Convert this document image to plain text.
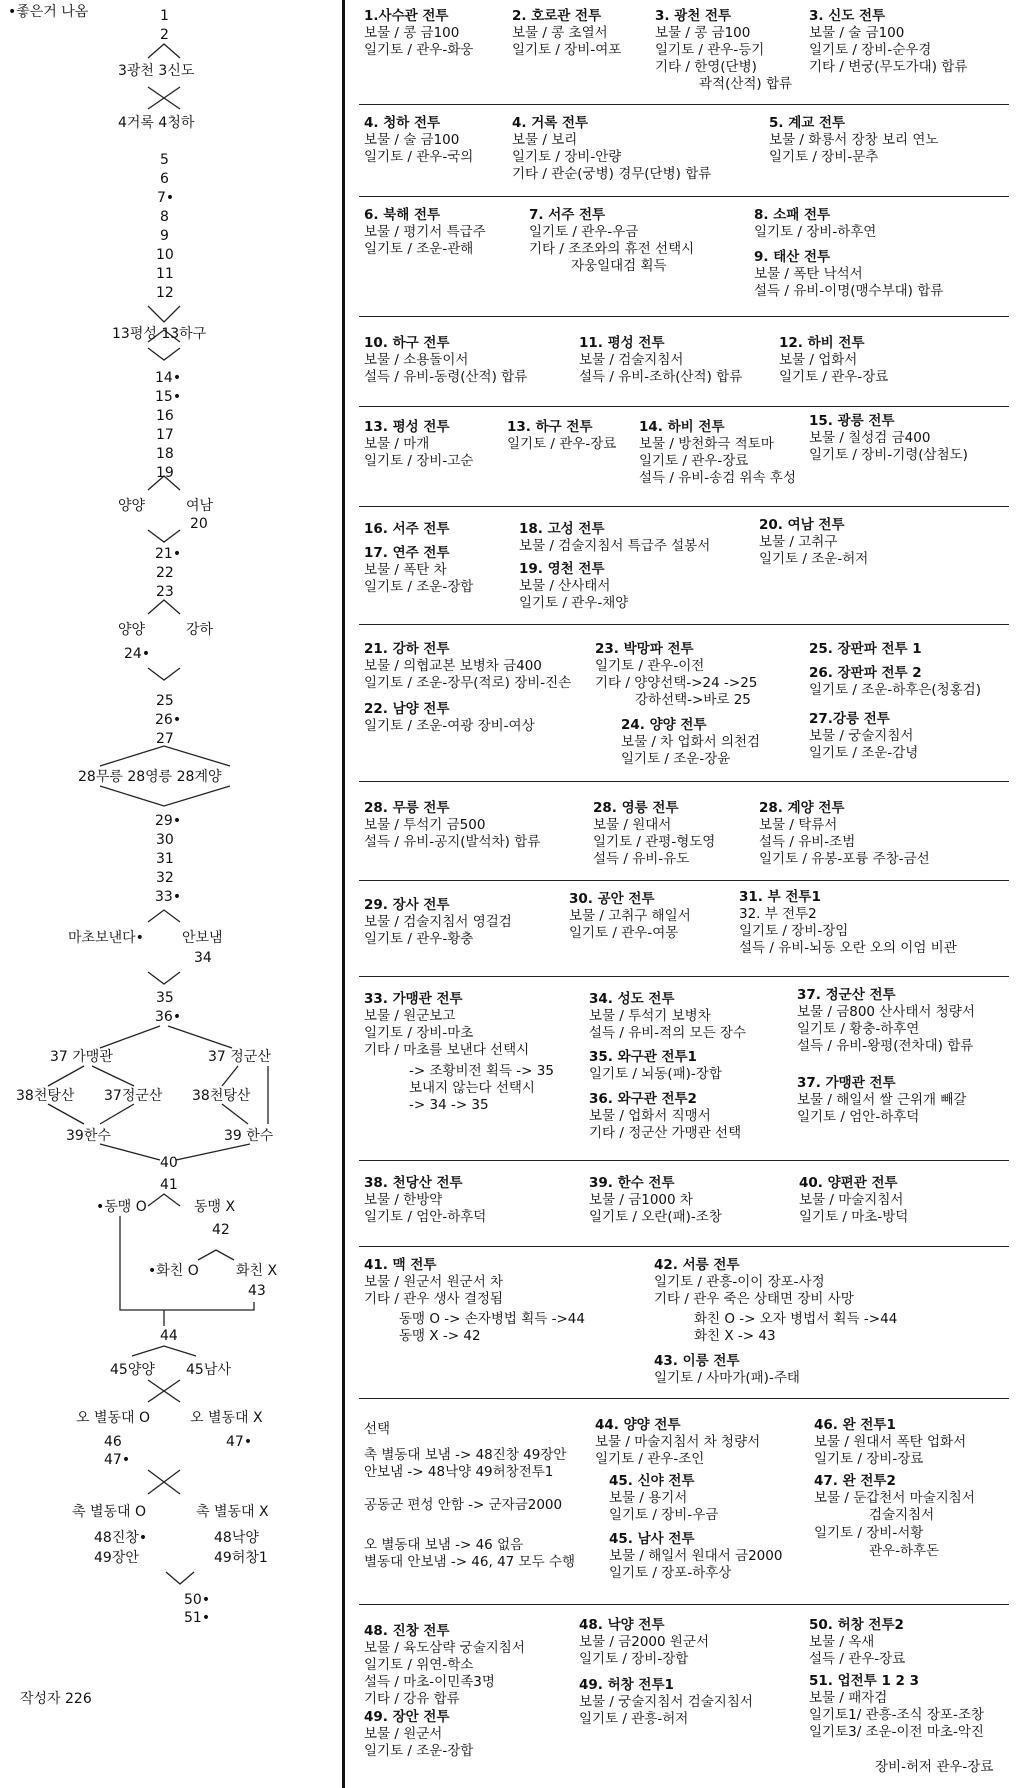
•좋은거 나옴	1.사수관 전투
보물 / 콩 금100
일기토 / 관우-화웅
2. 호로관 전투
보물 / 콩 초열서
일기토 / 장비-여포
3. 광천 전투
보물 / 콩 금100
일기토 / 관우-등기
기타 / 한영(단병)
3. 신도 전투
보물 / 술 금100
일기토 / 장비-순우경
기타 / 변궁(무도가대) 합류
곽적(산적) 합류
4. 청하 전투
보물 / 술 금100
일기토 / 관우-국의
4. 거록 전투
보물 / 보리
일기토 / 장비-안량
기타 / 관순(궁병) 경무(단병) 합류
5. 계교 전투
보물 / 화룡서 장창 보리 연노
일기토 / 장비-문추
6. 북해 전투
보물 / 평기서 특급주
일기토 / 조운-관해
7. 서주 전투
일기토 / 관우-우금
기타 / 조조와의 휴전 선택시
자웅일대검 획득
8. 소패 전투
일기토 / 장비-하후연
9. 태산 전투
보물 / 폭탄 낙석서
설득 / 유비-이명(맹수부대) 합류
10. 하구 전투
보물 / 소용돌이서
설득 / 유비-동령(산적) 합류
11. 평성 전투
보물 / 검술지침서
설득 / 유비-조하(산적) 합류
12. 하비 전투
보물 / 업화서
일기토 / 관우-장료
13. 평성 전투
보물 / 마개
일기토 / 장비-고순
13. 하구 전투
일기토 / 관우-장료
14. 하비 전투
보물 / 방천화극 적토마
일기토 / 관우-장료
설득 / 유비-송검 위속 후성
15. 광릉 전투
보물 / 칠성검 금400
일기토 / 장비-기령(삼첨도)
16. 서주 전투
17. 연주 전투
보물 / 폭탄 차
일기토 / 조운-장합
18. 고성 전투
보물 / 검술지침서 특급주 설봉서
19. 영천 전투
보물 / 산사태서
일기토 / 관우-채양
20. 여남 전투
보물 / 고취구
일기토 / 조운-허저
21. 강하 전투
보물 / 의협교본 보병차 금400
일기토 / 조운-장무(적로) 장비-진손
22. 남양 전투
일기토 / 조운-여광 장비-여상
23. 박망파 전투
일기토 / 관우-이전
기타 / 양양선택->24 ->25
강하선택->바로 25
24. 양양 전투
보물 / 차 업화서 의천검
일기토 / 조운-장윤
25. 장판파 전투 1
26. 장판파 전투 2
일기토 / 조운-하후은(청홍검)
27.강릉 전투
보물 / 궁술지침서
일기토 / 조운-감녕
28. 무릉 전투
보물 / 투석기 금500
설득 / 유비-공지(발석차) 합류
28. 영릉 전투
보물 / 원대서
일기토 / 관평-형도영
설득 / 유비-유도
28. 계양 전투
보물 / 탁류서
설득 / 유비-조범
일기토 / 유봉-포륭 주창-금선
29. 장사 전투
보물 / 검술지침서 영걸검
일기토 / 관우-황충
30. 공안 전투
보물 / 고취구 해일서
일기토 / 관우-여몽
31. 부 전투1
32. 부 전투2
일기토 / 장비-장임
설득 / 유비-뇌동 오란 오의 이엄 비관
33. 가맹관 전투
보물 / 원군보고
일기토 / 장비-마초
기타 / 마초를 보낸다 선택시
-> 조황비전 획득 -> 35
보내지 않는다 선택시
-> 34 -> 35
34. 성도 전투
보물 / 투석기 보병차
설득 / 유비-적의 모든 장수
35. 와구관 전투1
일기토 / 뇌동(패)-장합
36. 와구관 전투2
보물 / 업화서 직맹서
기타 / 정군산 가맹관 선택
37. 정군산 전투
보물 / 금800 산사태서 청량서
일기토 / 황충-하후연
설득 / 유비-왕평(전차대) 합류
37. 가맹관 전투
보물 / 해일서 쌀 근위개 빼갈
일기토 / 엄안-하후덕
38. 천당산 전투
보물 / 한방약
일기토 / 엄안-하후덕
39. 한수 전투
보물 / 금1000 차
일기토 / 오란(패)-조창
40. 양편관 전투
보물 / 마술지침서
일기토 / 마초-방덕
41. 맥 전투
보물 / 원군서 원군서 차
기타 / 관우 생사 결정됨
동맹 O -> 손자병법 획득 ->44
동맹 X -> 42
42. 서릉 전투
일기토 / 관흥-이이 장포-사정
기타 / 관우 죽은 상태면 장비 사망
화친 O -> 오자 병법서 획득 ->44
화친 X -> 43
43. 이릉 전투
일기토 / 사마가(패)-주태
선택
촉 별동대 보냄 -> 48진창 49장안
안보냄 -> 48낙양 49허창전투1
공동군 편성 안함 -> 군자금2000
오 별동대 보냄 -> 46 없음
별동대 안보냄 -> 46, 47 모두 수행
44. 양양 전투
보물 / 마술지침서 차 청량서
일기토 / 관우-조인
45. 신야 전투
보물 / 용기서
일기토 / 장비-우금
45. 남사 전투
보물 / 해일서 원대서 금2000
일기토 / 장포-하후상
46. 완 전투1
보물 / 원대서 폭탄 업화서
일기토 / 장비-장료
47. 완 전투2
보물 / 둔갑천서 마술지침서
검술지침서
일기토 / 장비-서황
관우-하후돈
48. 진창 전투
보물 / 육도삼략 궁술지침서
일기토 / 위연-학소
설득 / 마초-이민족3명
기타 / 강유 합류
49. 장안 전투
보물 / 원군서
일기토 / 조운-장합
48. 낙양 전투
보물 / 금2000 원군서
일기토 / 장비-장합
49. 허창 전투1
보물 / 궁술지침서 검술지침서
일기토 / 관흥-허저
50. 허창 전투2
보물 / 옥새
설득 / 관우-장료
51. 업전투 1 2 3
보물 / 패자검
일기토1/ 관흥-조식 장포-조창
일기토3/ 조운-이전 마초-악진
장비-허저 관우-장료
작성자 226
1
2
3광천 3신도
4거록 4청하
5
6
7•
8
9
10
11
12
13평성 13하구
14•
15•
16
17
18
19
양양	여남
20
21•
22
23
양양	강하
24•
25
26•
27
28무릉 28영릉 28계양
29•
30
31
32
33•
마초보낸다•	안보냄
34
35
36•
37 가맹관	37 정군산
38천탕산 37정군산 38천탕산
39한수	39 한수
40
41
•동맹 O	동맹 X
42
•화친 O	화친 X
43
44
45양양 45남사
오 별동대 O	오 별동대 X
46	47•
47•
촉 별동대 O	촉 별동대 X
48진창•	48낙양
49장안	49허창1
50•
51•
